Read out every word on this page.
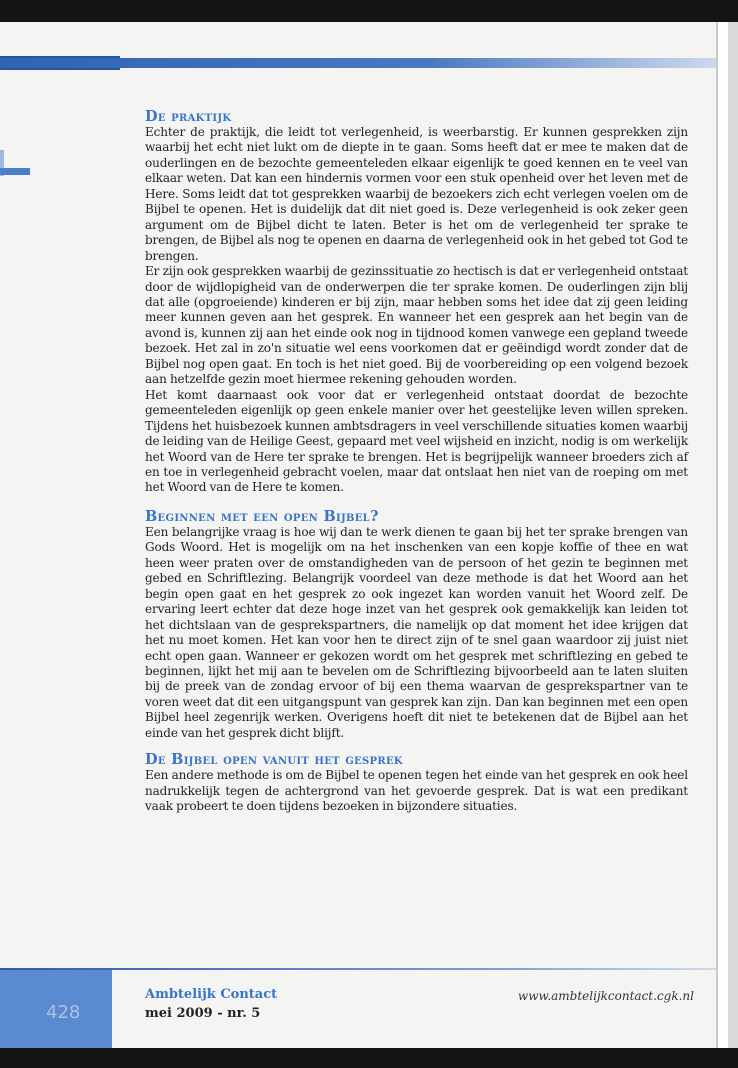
De praktijk

Echter de praktijk, die leidt tot verlegenheid, is weerbarstig. Er kunnen gesprekken zijn waarbij het echt niet lukt om de diepte in te gaan. Soms heeft dat er mee te maken dat de ouderlingen en de bezochte gemeenteleden elkaar eigenlijk te goed kennen en te veel van elkaar weten. Dat kan een hindernis vormen voor een stuk openheid over het leven met de Here. Soms leidt dat tot gesprekken waarbij de bezoekers zich echt verlegen voelen om de Bijbel te openen. Het is duidelijk dat dit niet goed is. Deze verlegenheid is ook zeker geen argument om de Bijbel dicht te laten. Beter is het om de verlegenheid ter sprake te brengen, de Bijbel als nog te openen en daarna de verlegenheid ook in het gebed tot God te brengen.

Er zijn ook gesprekken waarbij de gezinssituatie zo hectisch is dat er verlegenheid ontstaat door de wijdlopigheid van de onderwerpen die ter sprake komen. De ouderlingen zijn blij dat alle (opgroeiende) kinderen er bij zijn, maar hebben soms het idee dat zij geen leiding meer kunnen geven aan het gesprek. En wanneer het een gesprek aan het begin van de avond is, kunnen zij aan het einde ook nog in tijdnood komen vanwege een gepland tweede bezoek. Het zal in zo'n situatie wel eens voorkomen dat er geëindigd wordt zonder dat de Bijbel nog open gaat. En toch is het niet goed. Bij de voorbereiding op een volgend bezoek aan hetzelfde gezin moet hiermee rekening gehouden worden.

Het komt daarnaast ook voor dat er verlegenheid ontstaat doordat de bezochte gemeenteleden eigenlijk op geen enkele manier over het geestelijke leven willen spreken. Tijdens het huisbezoek kunnen ambtsdragers in veel verschillende situaties komen waarbij de leiding van de Heilige Geest, gepaard met veel wijsheid en inzicht, nodig is om werkelijk het Woord van de Here ter sprake te brengen. Het is begrijpelijk wanneer broeders zich af en toe in verlegenheid gebracht voelen, maar dat ontslaat hen niet van de roeping om met het Woord van de Here te komen.

Beginnen met een open Bijbel?

Een belangrijke vraag is hoe wij dan te werk dienen te gaan bij het ter sprake brengen van Gods Woord. Het is mogelijk om na het inschenken van een kopje koffie of thee en wat heen weer praten over de omstandigheden van de persoon of het gezin te beginnen met gebed en Schriftlezing. Belangrijk voordeel van deze methode is dat het Woord aan het begin open gaat en het gesprek zo ook ingezet kan worden vanuit het Woord zelf. De ervaring leert echter dat deze hoge inzet van het gesprek ook gemakkelijk kan leiden tot het dichtslaan van de gesprekspartners, die namelijk op dat moment het idee krijgen dat het nu moet komen. Het kan voor hen te direct zijn of te snel gaan waardoor zij juist niet echt open gaan. Wanneer er gekozen wordt om het gesprek met schriftlezing en gebed te beginnen, lijkt het mij aan te bevelen om de Schriftlezing bijvoorbeeld aan te laten sluiten bij de preek van de zondag ervoor of bij een thema waarvan de gesprekspartner van te voren weet dat dit een uitgangspunt van gesprek kan zijn. Dan kan beginnen met een open Bijbel heel zegenrijk werken. Overigens hoeft dit niet te betekenen dat de Bijbel aan het einde van het gesprek dicht blijft.

De Bijbel open vanuit het gesprek

Een andere methode is om de Bijbel te openen tegen het einde van het gesprek en ook heel nadrukkelijk tegen de achtergrond van het gevoerde gesprek. Dat is wat een predikant vaak probeert te doen tijdens bezoeken in bijzondere situaties.

428
Ambtelijk Contact
mei 2009 - nr. 5
www.ambtelijkcontact.cgk.nl
